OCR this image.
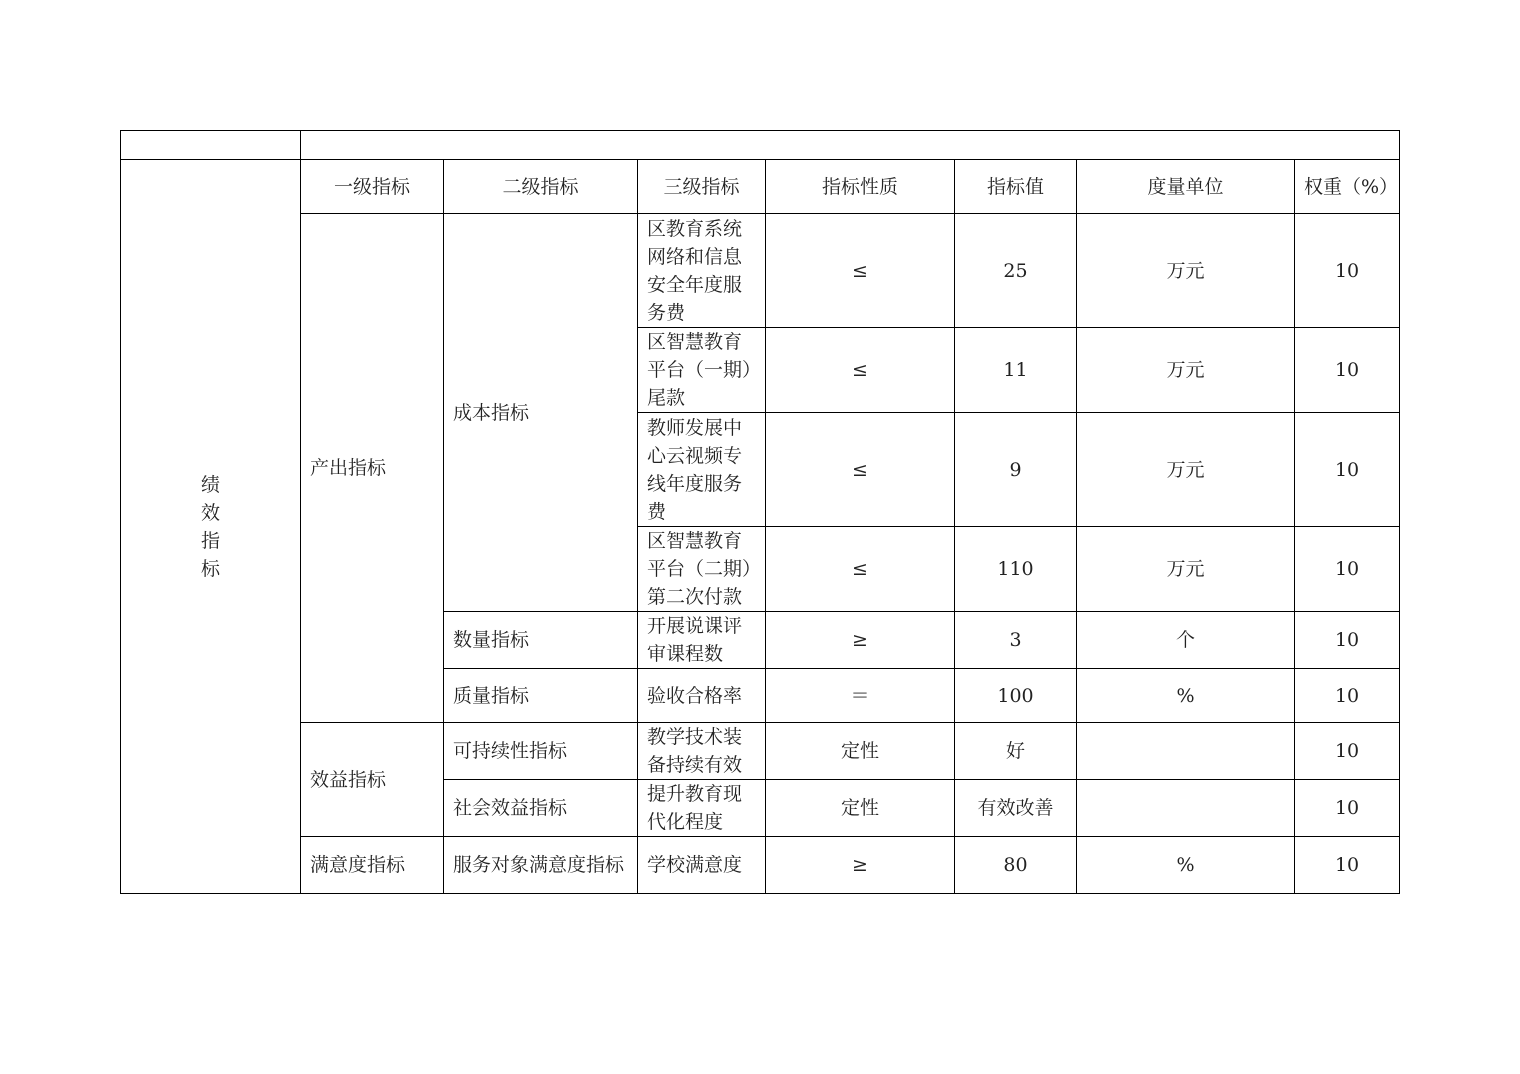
绩
效
指
标	一级指标	二级指标	三级指标	指标性质	指标值	度量单位	权重（%）
	产出指标	成本指标	区教育系统网络和信息安全年度服务费	≤	25	万元	10
			区智慧教育平台（一期）尾款	≤	11	万元	10
			教师发展中心云视频专线年度服务费	≤	9	万元	10
			区智慧教育平台（二期）第二次付款	≤	110	万元	10
		数量指标	开展说课评审课程数	≥	3	个	10
		质量指标	验收合格率	＝	100	%	10
	效益指标	可持续性指标	教学技术装备持续有效	定性	好		10
		社会效益指标	提升教育现代化程度	定性	有效改善		10
	满意度指标	服务对象满意度指标	学校满意度	≥	80	%	10
